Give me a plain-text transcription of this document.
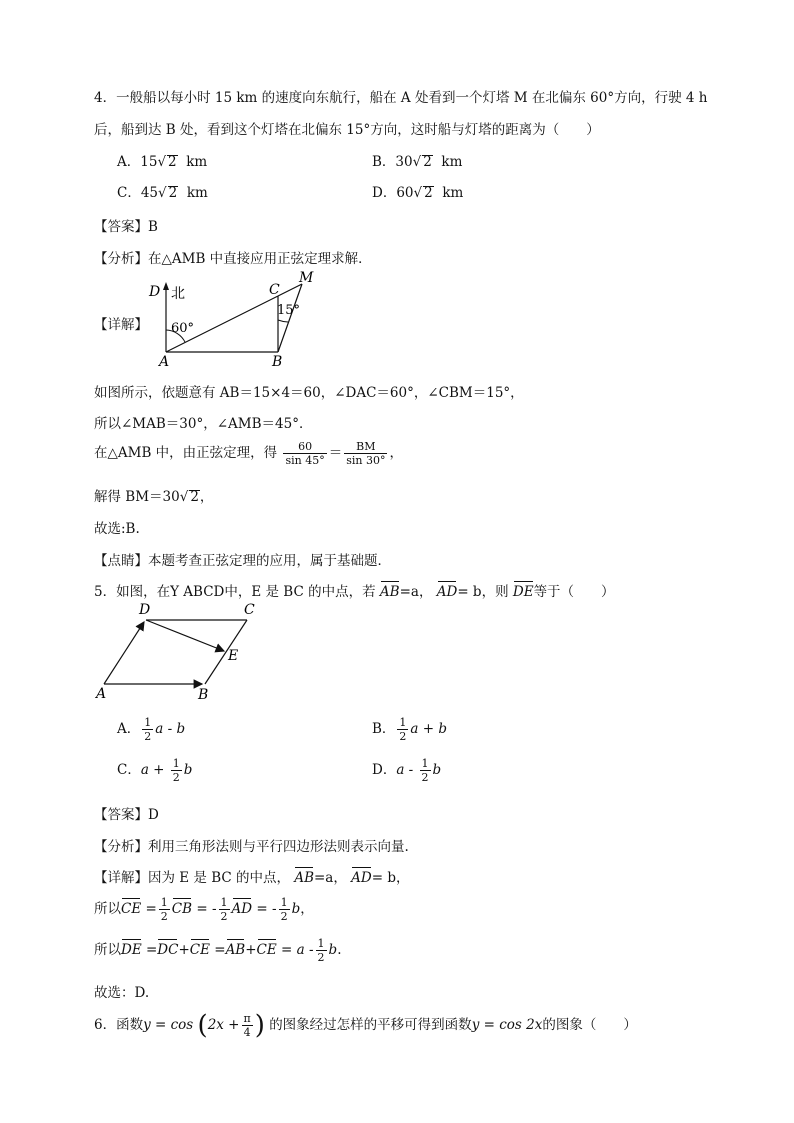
4．一般船以每小时 15 km 的速度向东航行，船在 A 处看到一个灯塔 M 在北偏东 60°方向，行驶 4 h
后，船到达 B 处，看到这个灯塔在北偏东 15°方向，这时船与灯塔的距离为（　　）
A．15√ 2 km	B．30√ 2 km
C．45√ 2 km	D．60√ 2 km
【答案】B
【分析】在△AMB 中直接应用正弦定理求解．
【详解】
D 北
60°
A	B
C
M
15°
如图所示，依题意有 AB＝15×4＝60，∠DAC＝60°，∠CBM＝15°，
所以∠MAB＝30°，∠AMB＝45°．
在△AMB 中，由正弦定理，得 $\frac{60}{\sin 45^\circ} = \frac{BM}{\sin 30^\circ}$ ，
解得 BM＝30√ 2，
故选:B.
【点睛】本题考查正弦定理的应用，属于基础题．
5．如图，在Y ABCD中，E 是 BC 的中点，若 AB=a， AD= b，则 DE等于（　　）
A	B
C
D
E
A． $\frac{1}{2}$ a - b	B． $\frac{1}{2}$ a + b
C．$a + \frac{1}{2}$ b	D．a - $\frac{1}{2}$ b
【答案】D
【分析】利用三角形法则与平行四边形法则表示向量.
【详解】因为 E 是 BC 的中点， AB=a， AD= b，
所以CE = $\frac{1}{2}$ CB = - $\frac{1}{2}$ AD = - $\frac{1}{2}$ b，
所以DE $=DC+CE =AB+CE = a - \frac{1}{2} b$.
故选：D.
6．函数$y = \cos (2x + \frac{\pi}{4}$ ) 的图象经过怎样的平移可得到函数y = cos 2x的图象（　　）
